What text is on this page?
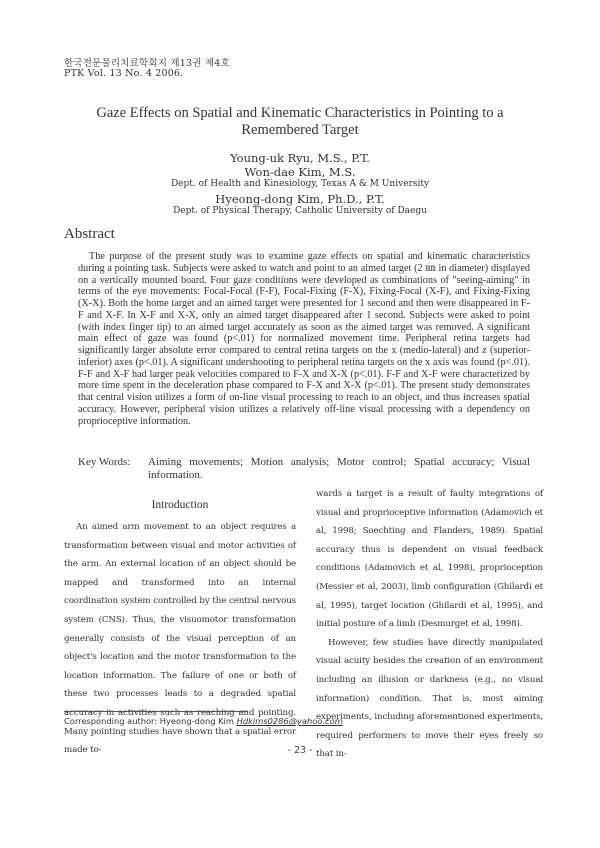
한국전문물리치료학회지 제13권 제4호
PTK Vol. 13 No. 4 2006.
Gaze Effects on Spatial and Kinematic Characteristics in Pointing to a Remembered Target
Young-uk Ryu, M.S., P.T.
Won-dae Kim, M.S.
Dept. of Health and Kinesiology, Texas A & M University
Hyeong-dong Kim, Ph.D., P.T.
Dept. of Physical Therapy, Catholic University of Daegu
Abstract

The purpose of the present study was to examine gaze effects on spatial and kinematic characteristics during a pointing task. Subjects were asked to watch and point to an aimed target (2 ㎜ in diameter) displayed on a vertically mounted board. Four gaze conditions were developed as combinations of "seeing-aiming" in terms of the eye movements: Focal-Focal (F-F), Focal-Fixing (F-X), Fixing-Focal (X-F), and Fixing-Fixing (X-X). Both the home target and an aimed target were presented for 1 second and then were disappeared in F-F and X-F. In X-F and X-X, only an aimed target disappeared after 1 second. Subjects were asked to point (with index finger tip) to an aimed target accurately as soon as the aimed target was removed. A significant main effect of gaze was found (p<.01) for normalized movement time. Peripheral retina targets had significantly larger absolute error compared to central retina targets on the x (medio-lateral) and z (superior-inferior) axes (p<.01). A significant undershooting to peripheral retina targets on the x axis was found (p<.01). F-F and X-F had larger peak velocities compared to F-X and X-X (p<.01). F-F and X-F were characterized by more time spent in the deceleration phase compared to F-X and X-X (p<.01). The present study demonstrates that central vision utilizes a form of on-line visual processing to reach to an object, and thus increases spatial accuracy. However, peripheral vision utilizes a relatively off-line visual processing with a dependency on proprioceptive information.

Key Words: Aiming movements; Motion analysis; Motor control; Spatial accuracy; Visual information.

Introduction

An aimed arm movement to an object requires a transformation between visual and motor activities of the arm. An external location of an object should be mapped and transformed into an internal coordination system controlled by the central nervous system (CNS). Thus, the visuomotor transformation generally consists of the visual perception of an object's location and the motor transformation to the location information. The failure of one or both of these two processes leads to a degraded spatial accuracy in activities such as reaching and pointing. Many pointing studies have shown that a spatial error made to-

wards a target is a result of faulty integrations of visual and proprioceptive information (Adamovich et al, 1998; Soechting and Flanders, 1989). Spatial accuracy thus is dependent on visual feedback conditions (Adamovich et al, 1998), proprioception (Messier et al, 2003), limb configuration (Ghilardi et al, 1995), target location (Ghilardi et al, 1995), and initial posture of a limb (Desmurget et al, 1998).

However, few studies have directly manipulated visual acuity besides the creation of an environment including an illusion or darkness (e.g., no visual information) condition. That is, most aiming experiments, including aforementioned experiments, required performers to move their eyes freely so that in-

Corresponding author: Hyeong-dong Kim Hdkims0286@yahoo.com
- 23 -
